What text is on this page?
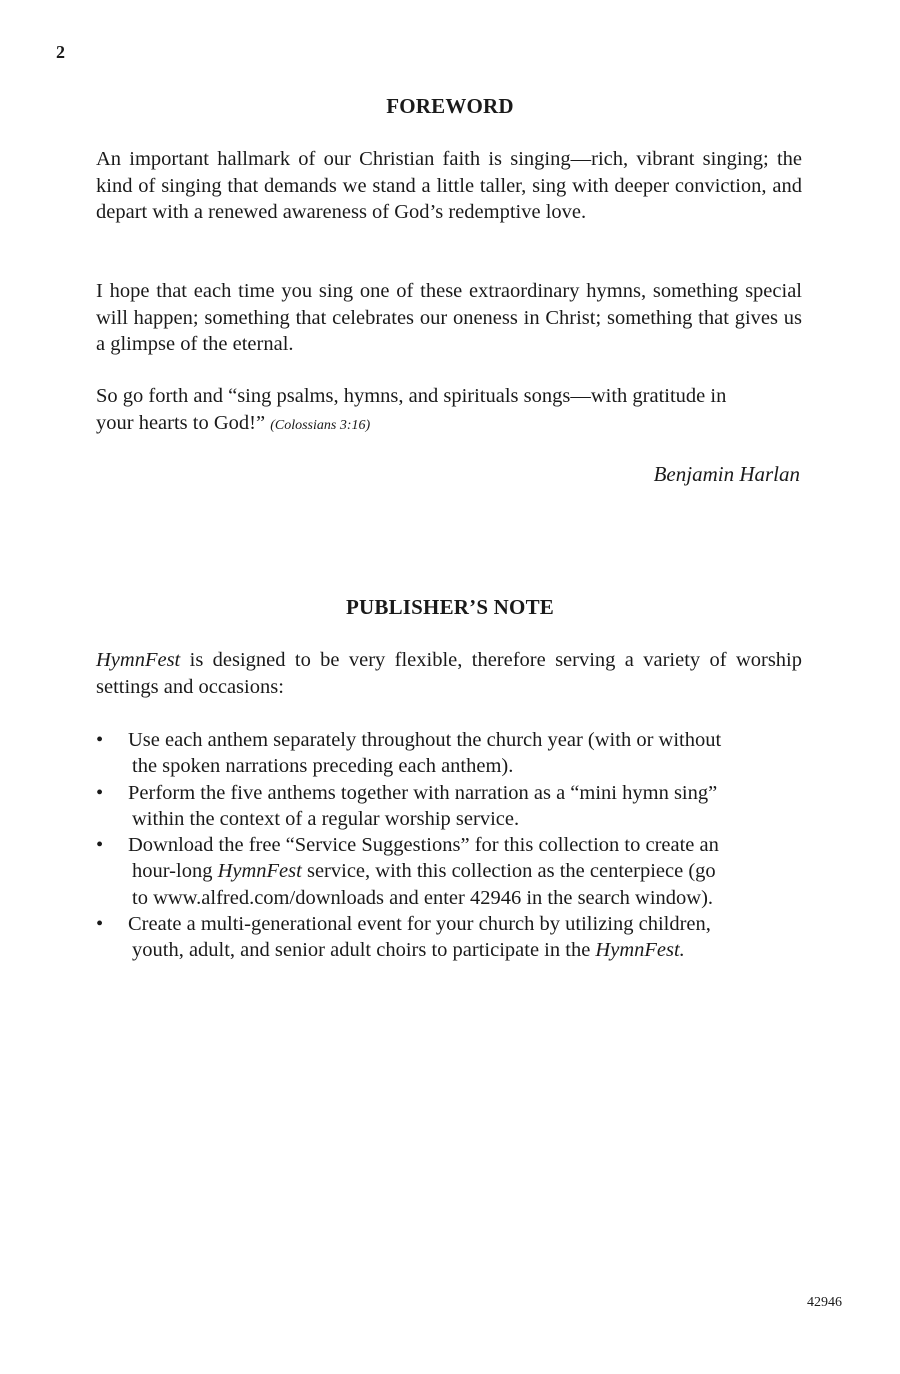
2
FOREWORD

An important hallmark of our Christian faith is singing—rich, vibrant singing; the kind of singing that demands we stand a little taller, sing with deeper conviction, and depart with a renewed awareness of God’s redemptive love.

I hope that each time you sing one of these extraordinary hymns, something special will happen; something that celebrates our oneness in Christ; something that gives us a glimpse of the eternal.

So go forth and “sing psalms, hymns, and spirituals songs—with gratitude in
your hearts to God!” (Colossians 3:16)

Benjamin Harlan
PUBLISHER’S NOTE

HymnFest is designed to be very flexible, therefore serving a variety of worship settings and occasions:

• Use each anthem separately throughout the church year (with or without
the spoken narrations preceding each anthem).
• Perform the five anthems together with narration as a “mini hymn sing”
within the context of a regular worship service.
• Download the free “Service Suggestions” for this collection to create an
hour-long HymnFest service, with this collection as the centerpiece (go
to www.alfred.com/downloads and enter 42946 in the search window).
• Create a multi-generational event for your church by utilizing children,
youth, adult, and senior adult choirs to participate in the HymnFest.
42946
